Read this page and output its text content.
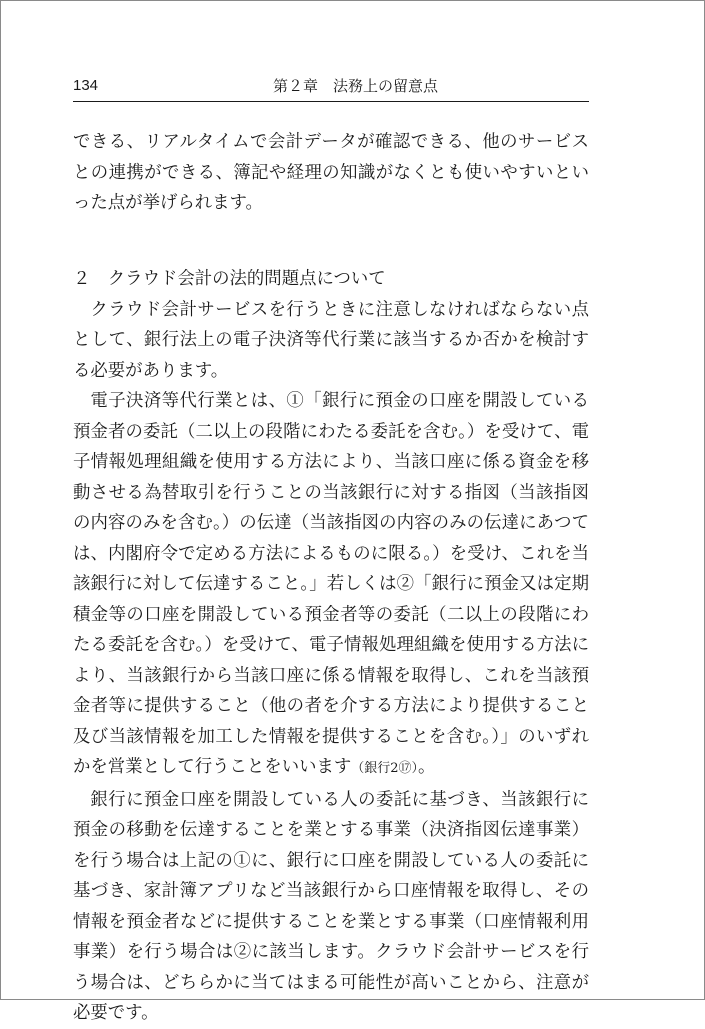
134	第２章　法務上の留意点

できる、リアルタイムで会計データが確認できる、他のサービスとの連携ができる、簿記や経理の知識がなくとも使いやすいといった点が挙げられます。

２　クラウド会計の法的問題点について

クラウド会計サービスを行うときに注意しなければならない点として、銀行法上の電子決済等代行業に該当するか否かを検討する必要があります。

電子決済等代行業とは、①「銀行に預金の口座を開設している預金者の委託（二以上の段階にわたる委託を含む。）を受けて、電子情報処理組織を使用する方法により、当該口座に係る資金を移動させる為替取引を行うことの当該銀行に対する指図（当該指図の内容のみを含む。）の伝達（当該指図の内容のみの伝達にあつては、内閣府令で定める方法によるものに限る。）を受け、これを当該銀行に対して伝達すること。」若しくは②「銀行に預金又は定期積金等の口座を開設している預金者等の委託（二以上の段階にわたる委託を含む。）を受けて、電子情報処理組織を使用する方法により、当該銀行から当該口座に係る情報を取得し、これを当該預金者等に提供すること（他の者を介する方法により提供すること及び当該情報を加工した情報を提供することを含む。）」のいずれかを営業として行うことをいいます（銀行2⑰）。

銀行に預金口座を開設している人の委託に基づき、当該銀行に預金の移動を伝達することを業とする事業（決済指図伝達事業）を行う場合は上記の①に、銀行に口座を開設している人の委託に基づき、家計簿アプリなど当該銀行から口座情報を取得し、その情報を預金者などに提供することを業とする事業（口座情報利用事業）を行う場合は②に該当します。クラウド会計サービスを行う場合は、どちらかに当てはまる可能性が高いことから、注意が必要です。
